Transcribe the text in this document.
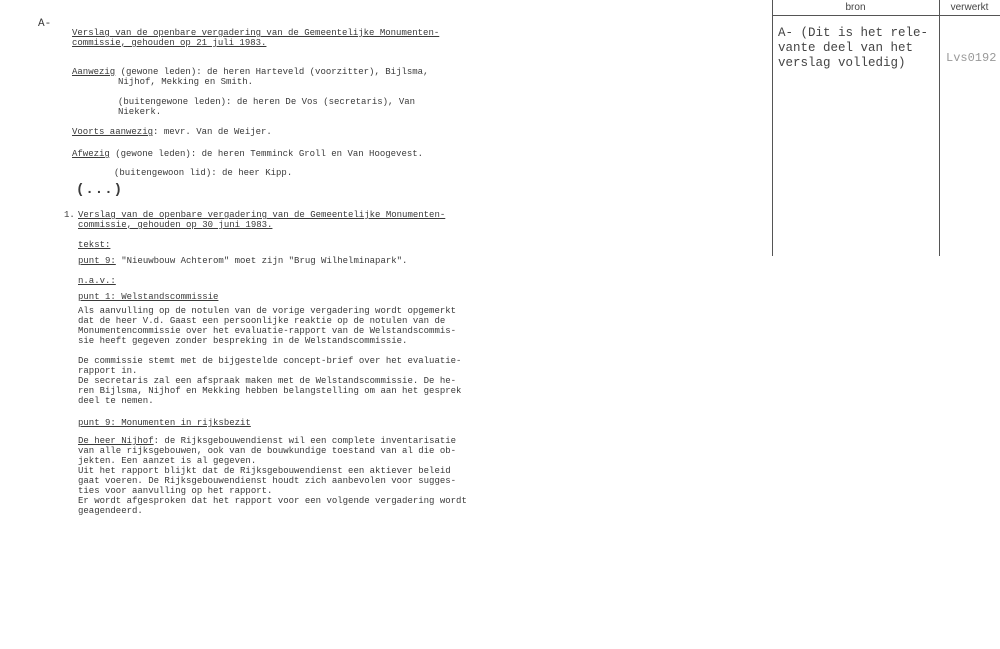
A-
Verslag van de openbare vergadering van de Gemeentelijke Monumenten-
commissie, gehouden op 21 juli 1983.
Aanwezig (gewone leden): de heren Harteveld (voorzitter), Bijlsma,
Nijhof, Mekking en Smith.
(buitengewone leden): de heren De Vos (secretaris), Van
Niekerk.
Voorts aanwezig: mevr. Van de Weijer.
Afwezig (gewone leden): de heren Temminck Groll en Van Hoogevest.
(buitengewoon lid): de heer Kipp.
(...)
1. Verslag van de openbare vergadering van de Gemeentelijke Monumenten-
commissie, gehouden op 30 juni 1983.
tekst:
punt 9: "Nieuwbouw Achterom" moet zijn "Brug Wilhelminapark".
n.a.v.:
punt 1: Welstandscommissie
Als aanvulling op de notulen van de vorige vergadering wordt opgemerkt
dat de heer V.d. Gaast een persoonlijke reaktie op de notulen van de
Monumentencommissie over het evaluatie-rapport van de Welstandscommis-
sie heeft gegeven zonder bespreking in de Welstandscommissie.
De commissie stemt met de bijgestelde concept-brief over het evaluatie-
rapport in.
De secretaris zal een afspraak maken met de Welstandscommissie. De he-
ren Bijlsma, Nijhof en Mekking hebben belangstelling om aan het gesprek
deel te nemen.
punt 9: Monumenten in rijksbezit
De heer Nijhof: de Rijksgebouwendienst wil een complete inventarisatie
van alle rijksgebouwen, ook van de bouwkundige toestand van al die ob-
jekten. Een aanzet is al gegeven.
Uit het rapport blijkt dat de Rijksgebouwendienst een aktiever beleid
gaat voeren. De Rijksgebouwendienst houdt zich aanbevolen voor sugges-
ties voor aanvulling op het rapport.
Er wordt afgesproken dat het rapport voor een volgende vergadering wordt
geagendeerd.
bron	verwerkt
A- (Dit is het rele-
vante deel van het
verslag volledig)	Lvs0192
